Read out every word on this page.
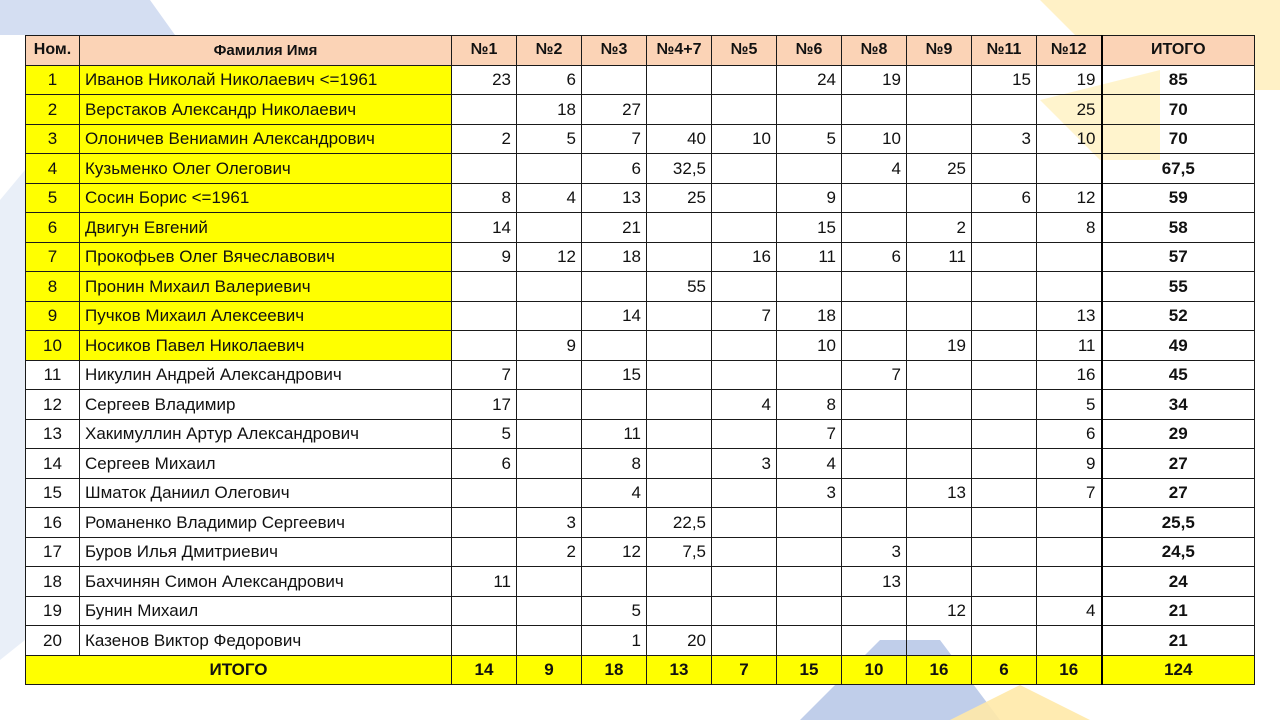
Ном.	Фамилия Имя	№1	№2	№3	№4+7	№5	№6	№8	№9	№11	№12	ИТОГО
1	Иванов Николай Николаевич <=1961	23	6				24	19		15	19	85
2	Верстаков Александр Николаевич		18	27							25	70
3	Олоничев Вениамин Александрович	2	5	7	40	10	5	10		3	10	70
4	Кузьменко Олег Олегович			6	32,5			4	25			67,5
5	Сосин Борис <=1961	8	4	13	25		9			6	12	59
6	Двигун Евгений	14		21			15		2		8	58
7	Прокофьев Олег Вячеславович	9	12	18		16	11	6	11			57
8	Пронин Михаил Валериевич				55							55
9	Пучков Михаил Алексеевич			14		7	18				13	52
10	Носиков Павел Николаевич		9				10		19		11	49
11	Никулин Андрей Александрович	7		15				7			16	45
12	Сергеев Владимир	17				4	8				5	34
13	Хакимуллин Артур Александрович	5		11			7				6	29
14	Сергеев Михаил	6		8		3	4				9	27
15	Шматок Даниил Олегович			4			3		13		7	27
16	Романенко Владимир Сергеевич		3		22,5							25,5
17	Буров Илья Дмитриевич		2	12	7,5			3				24,5
18	Бахчинян Симон Александрович	11						13				24
19	Бунин Михаил			5					12		4	21
20	Казенов Виктор Федорович			1	20							21
ИТОГО		14	9	18	13	7	15	10	16	6	16	124
